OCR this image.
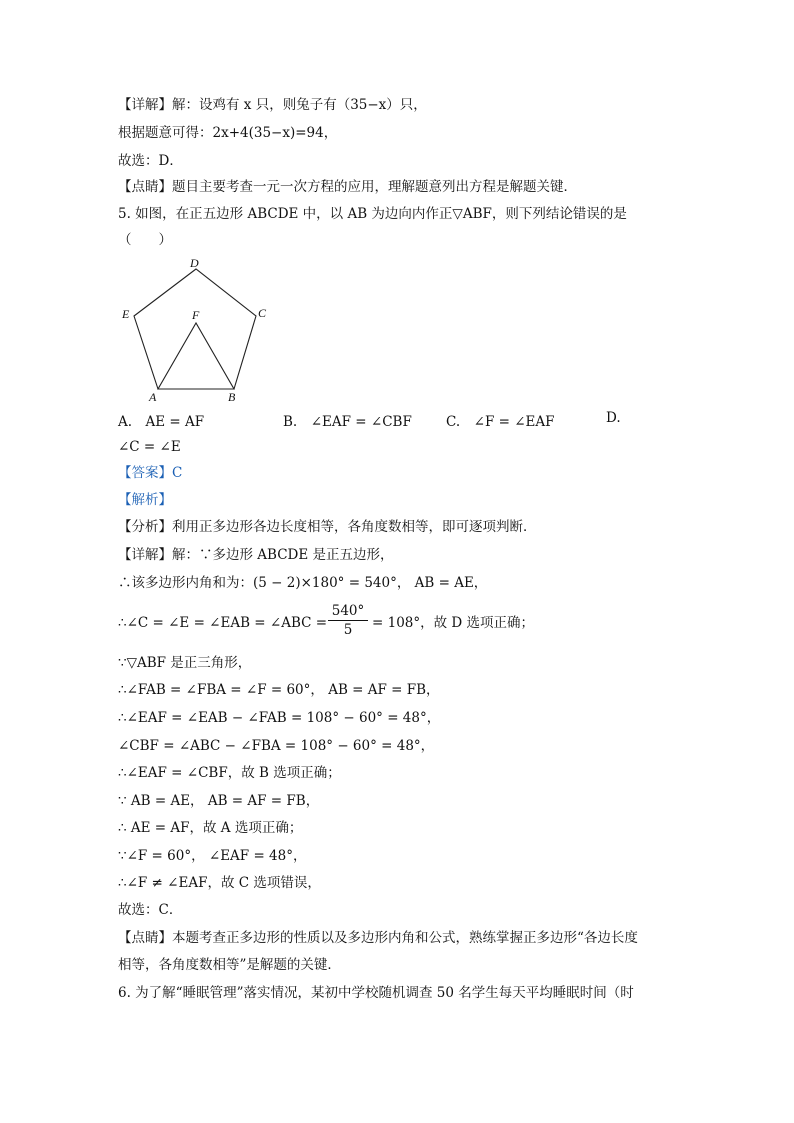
【详解】解：设鸡有 x 只，则兔子有（35−x）只，
根据题意可得：2x+4(35−x)=94，
故选：D．
【点睛】题目主要考查一元一次方程的应用，理解题意列出方程是解题关键．
5. 如图，在正五边形 ABCDE 中，以 AB 为边向内作正▽ABF，则下列结论错误的是
（　　）
D
E	C
F
A	B
A.　AE = AF	B.　∠EAF = ∠CBF	C.　∠F = ∠EAF	D.
∠C = ∠E
【答案】C
【解析】
【分析】利用正多边形各边长度相等，各角度数相等，即可逐项判断．
【详解】解：∵多边形 ABCDE 是正五边形，
∴该多边形内角和为：(5 − 2)×180° = 540°， AB = AE，
∴∠C = ∠E = ∠EAB = ∠ABC = $\frac{540^\circ}{5} = 108^\circ$，故 D 选项正确；
∵▽ABF 是正三角形，
∴∠FAB = ∠FBA = ∠F = 60°， AB = AF = FB，
∴∠EAF = ∠EAB − ∠FAB = 108° − 60° = 48°，
∠CBF = ∠ABC − ∠FBA = 108° − 60° = 48°，
∴∠EAF = ∠CBF，故 B 选项正确；
∵ AB = AE， AB = AF = FB，
∴ AE = AF，故 A 选项正确；
∵∠F = 60°， ∠EAF = 48°，
∴∠F ≠ ∠EAF，故 C 选项错误，
故选：C．
【点睛】本题考查正多边形的性质以及多边形内角和公式，熟练掌握正多边形“各边长度
相等，各角度数相等”是解题的关键．
6. 为了解“睡眠管理”落实情况，某初中学校随机调查 50 名学生每天平均睡眠时间（时
